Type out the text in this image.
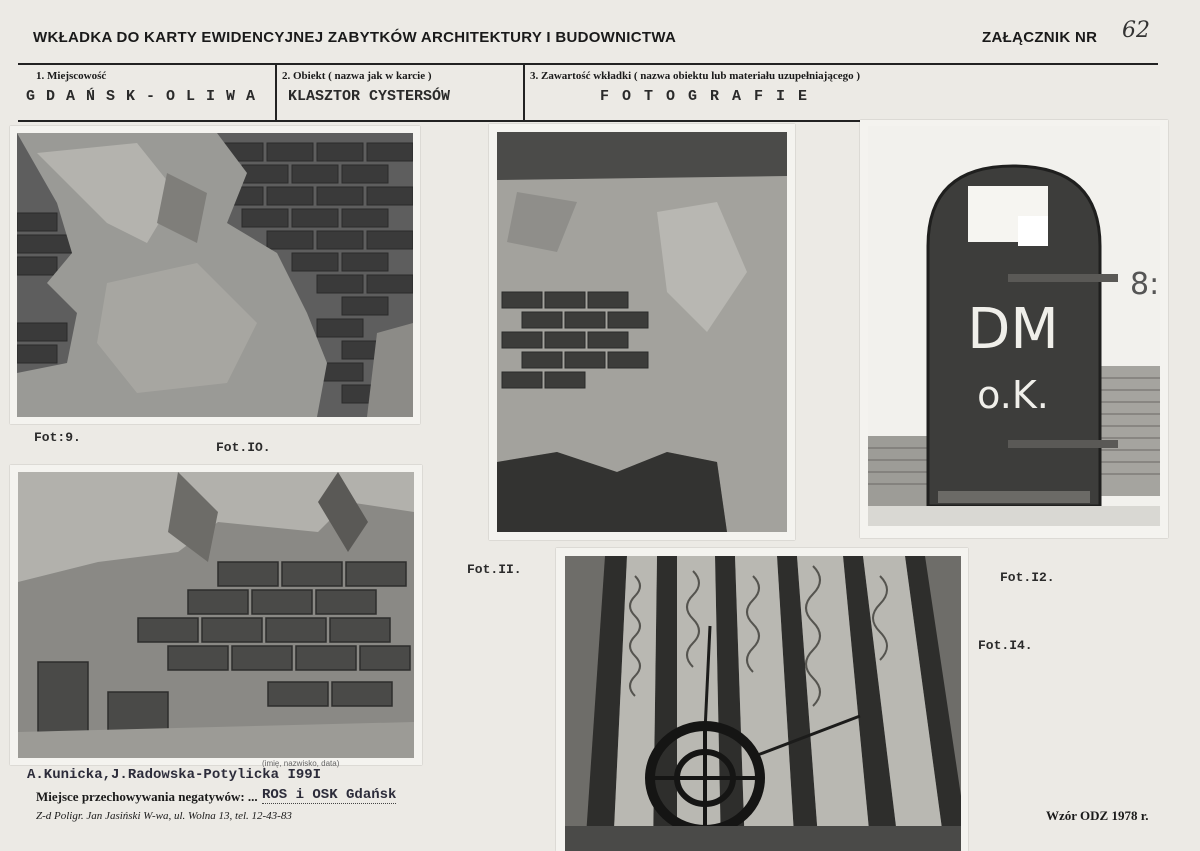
WKŁADKA DO KARTY EWIDENCYJNEJ ZABYTKÓW ARCHITEKTURY I BUDOWNICTWA	ZAŁĄCZNIK NR 62
1. Miejscowość
G D A Ń S K - O L I W A
2. Obiekt ( nazwa jak w karcie )
KLASZTOR CYSTERSÓW
3. Zawartość wkładki ( nazwa obiektu lub materiału uzupełniającego )
F O T O G R A F I E
DM
o.K.
8:
Fot:9.
Fot.IO.
Fot.II.
Fot.I2.
Fot.I4.
(imię, nazwisko, data)
A.Kunicka,J.Radowska-Potylicka I99I
Miejsce przechowywania negatywów: ... ROS i OSK Gdańsk
Z-d Poligr. Jan Jasiński W-wa, ul. Wolna 13, tel. 12-43-83	Wzór ODZ 1978 r.
